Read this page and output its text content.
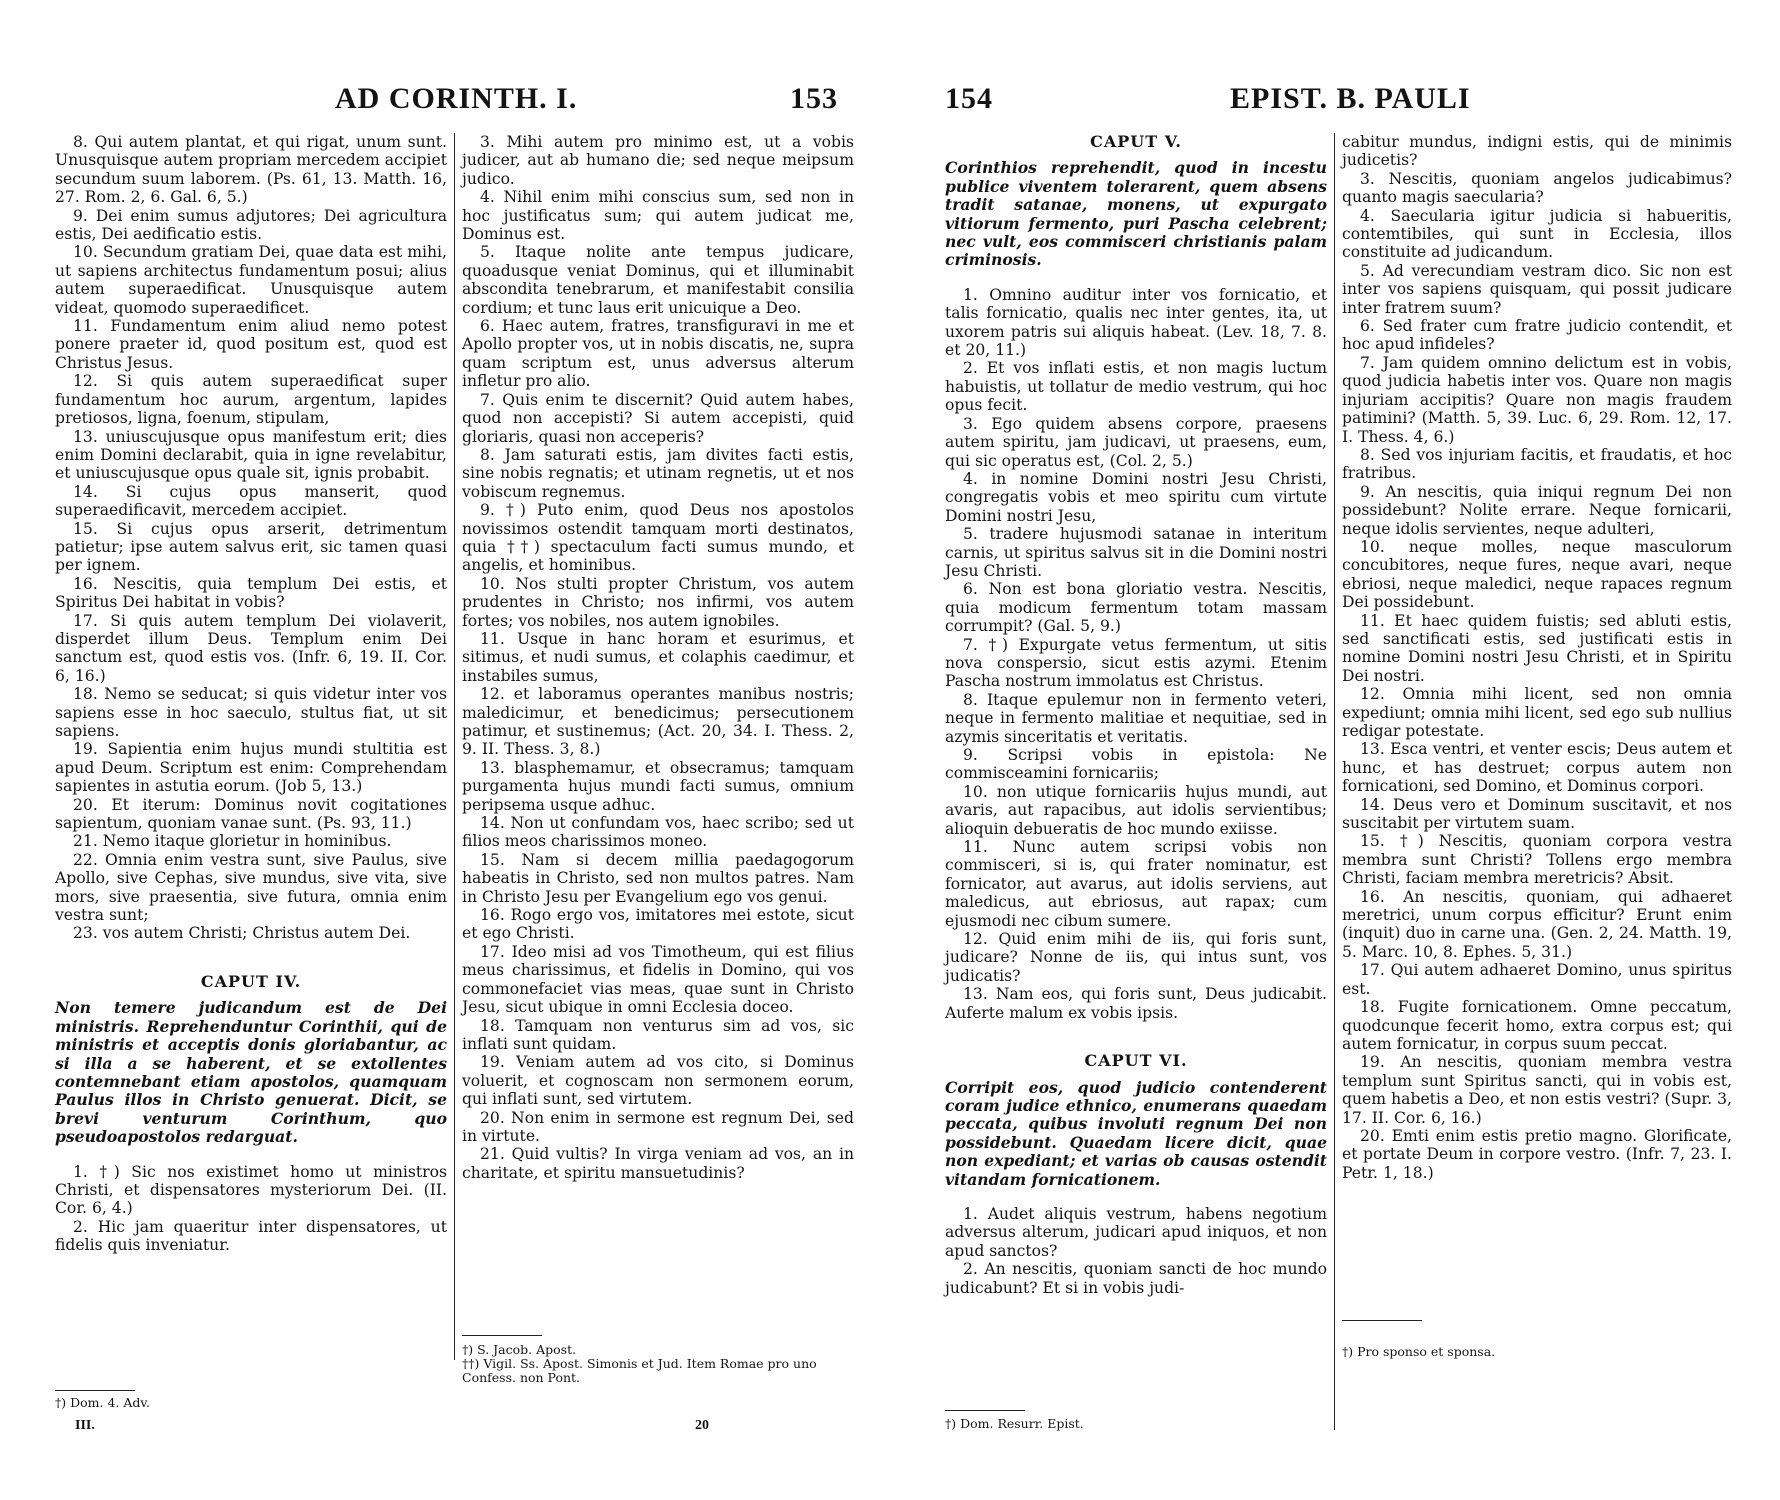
AD CORINTH. I.	153

8. Qui autem plantat, et qui rigat, unum sunt. Unusquisque autem propriam mercedem accipiet secundum suum laborem. (Ps. 61, 13. Matth. 16, 27. Rom. 2, 6. Gal. 6, 5.)

9. Dei enim sumus adjutores; Dei agricultura estis, Dei aedificatio estis.

10. Secundum gratiam Dei, quae data est mihi, ut sapiens architectus fundamentum posui; alius autem superaedificat. Unusquisque autem videat, quomodo superaedificet.

11. Fundamentum enim aliud nemo potest ponere praeter id, quod positum est, quod est Christus Jesus.

12. Si quis autem superaedificat super fundamentum hoc aurum, argentum, lapides pretiosos, ligna, foenum, stipulam,

13. uniuscujusque opus manifestum erit; dies enim Domini declarabit, quia in igne revelabitur, et uniuscujusque opus quale sit, ignis probabit.

14. Si cujus opus manserit, quod superaedificavit, mercedem accipiet.

15. Si cujus opus arserit, detrimentum patietur; ipse autem salvus erit, sic tamen quasi per ignem.

16. Nescitis, quia templum Dei estis, et Spiritus Dei habitat in vobis?

17. Si quis autem templum Dei violaverit, disperdet illum Deus. Templum enim Dei sanctum est, quod estis vos. (Infr. 6, 19. II. Cor. 6, 16.)

18. Nemo se seducat; si quis videtur inter vos sapiens esse in hoc saeculo, stultus fiat, ut sit sapiens.

19. Sapientia enim hujus mundi stultitia est apud Deum. Scriptum est enim: Comprehendam sapientes in astutia eorum. (Job 5, 13.)

20. Et iterum: Dominus novit cogitationes sapientum, quoniam vanae sunt. (Ps. 93, 11.)

21. Nemo itaque glorietur in hominibus.

22. Omnia enim vestra sunt, sive Paulus, sive Apollo, sive Cephas, sive mundus, sive vita, sive mors, sive praesentia, sive futura, omnia enim vestra sunt;

23. vos autem Christi; Christus autem Dei.

CAPUT IV.

Non temere judicandum est de Dei ministris. Reprehenduntur Corinthii, qui de ministris et acceptis donis gloriabantur, ac si illa a se haberent, et se extollentes contemnebant etiam apostolos, quamquam Paulus illos in Christo genuerat. Dicit, se brevi venturum Corinthum, quo pseudoapostolos redarguat.

1. †) Sic nos existimet homo ut ministros Christi, et dispensatores mysteriorum Dei. (II. Cor. 6, 4.)

2. Hic jam quaeritur inter dispensatores, ut fidelis quis inveniatur.

3. Mihi autem pro minimo est, ut a vobis judicer, aut ab humano die; sed neque meipsum judico.

4. Nihil enim mihi conscius sum, sed non in hoc justificatus sum; qui autem judicat me, Dominus est.

5. Itaque nolite ante tempus judicare, quoadusque veniat Dominus, qui et illuminabit abscondita tenebrarum, et manifestabit consilia cordium; et tunc laus erit unicuique a Deo.

6. Haec autem, fratres, transfiguravi in me et Apollo propter vos, ut in nobis discatis, ne, supra quam scriptum est, unus adversus alterum infletur pro alio.

7. Quis enim te discernit? Quid autem habes, quod non accepisti? Si autem accepisti, quid gloriaris, quasi non acceperis?

8. Jam saturati estis, jam divites facti estis, sine nobis regnatis; et utinam regnetis, ut et nos vobiscum regnemus.

9. †) Puto enim, quod Deus nos apostolos novissimos ostendit tamquam morti destinatos, quia ††) spectaculum facti sumus mundo, et angelis, et hominibus.

10. Nos stulti propter Christum, vos autem prudentes in Christo; nos infirmi, vos autem fortes; vos nobiles, nos autem ignobiles.

11. Usque in hanc horam et esurimus, et sitimus, et nudi sumus, et colaphis caedimur, et instabiles sumus,

12. et laboramus operantes manibus nostris; maledicimur, et benedicimus; persecutionem patimur, et sustinemus; (Act. 20, 34. I. Thess. 2, 9. II. Thess. 3, 8.)

13. blasphemamur, et obsecramus; tamquam purgamenta hujus mundi facti sumus, omnium peripsema usque adhuc.

14. Non ut confundam vos, haec scribo; sed ut filios meos charissimos moneo.

15. Nam si decem millia paedagogorum habeatis in Christo, sed non multos patres. Nam in Christo Jesu per Evangelium ego vos genui.

16. Rogo ergo vos, imitatores mei estote, sicut et ego Christi.

17. Ideo misi ad vos Timotheum, qui est filius meus charissimus, et fidelis in Domino, qui vos commonefaciet vias meas, quae sunt in Christo Jesu, sicut ubique in omni Ecclesia doceo.

18. Tamquam non venturus sim ad vos, sic inflati sunt quidam.

19. Veniam autem ad vos cito, si Dominus voluerit, et cognoscam non sermonem eorum, qui inflati sunt, sed virtutem.

20. Non enim in sermone est regnum Dei, sed in virtute.

21. Quid vultis? In virga veniam ad vos, an in charitate, et spiritu mansuetudinis?

†) Dom. 4. Adv.
†) S. Jacob. Apost.
††) Vigil. Ss. Apost. Simonis et Jud. Item Romae pro uno Confess. non Pont.
III.	20
154	EPIST. B. PAULI
CAPUT V.

Corinthios reprehendit, quod in incestu publice viventem tolerarent, quem absens tradit satanae, monens, ut expurgato vitiorum fermento, puri Pascha celebrent; nec vult, eos commisceri christianis palam criminosis.

1. Omnino auditur inter vos fornicatio, et talis fornicatio, qualis nec inter gentes, ita, ut uxorem patris sui aliquis habeat. (Lev. 18, 7. 8. et 20, 11.)

2. Et vos inflati estis, et non magis luctum habuistis, ut tollatur de medio vestrum, qui hoc opus fecit.

3. Ego quidem absens corpore, praesens autem spiritu, jam judicavi, ut praesens, eum, qui sic operatus est, (Col. 2, 5.)

4. in nomine Domini nostri Jesu Christi, congregatis vobis et meo spiritu cum virtute Domini nostri Jesu,

5. tradere hujusmodi satanae in interitum carnis, ut spiritus salvus sit in die Domini nostri Jesu Christi.

6. Non est bona gloriatio vestra. Nescitis, quia modicum fermentum totam massam corrumpit? (Gal. 5, 9.)

7. †) Expurgate vetus fermentum, ut sitis nova conspersio, sicut estis azymi. Etenim Pascha nostrum immolatus est Christus.

8. Itaque epulemur non in fermento veteri, neque in fermento malitiae et nequitiae, sed in azymis sinceritatis et veritatis.

9. Scripsi vobis in epistola: Ne commisceamini fornicariis;

10. non utique fornicariis hujus mundi, aut avaris, aut rapacibus, aut idolis servientibus; alioquin debueratis de hoc mundo exiisse.

11. Nunc autem scripsi vobis non commisceri, si is, qui frater nominatur, est fornicator, aut avarus, aut idolis serviens, aut maledicus, aut ebriosus, aut rapax; cum ejusmodi nec cibum sumere.

12. Quid enim mihi de iis, qui foris sunt, judicare? Nonne de iis, qui intus sunt, vos judicatis?

13. Nam eos, qui foris sunt, Deus judicabit. Auferte malum ex vobis ipsis.

CAPUT VI.

Corripit eos, quod judicio contenderent coram judice ethnico, enumerans quaedam peccata, quibus involuti regnum Dei non possidebunt. Quaedam licere dicit, quae non expediant; et varias ob causas ostendit vitandam fornicationem.

1. Audet aliquis vestrum, habens negotium adversus alterum, judicari apud iniquos, et non apud sanctos?

2. An nescitis, quoniam sancti de hoc mundo judicabunt? Et si in vobis judi-

cabitur mundus, indigni estis, qui de minimis judicetis?

3. Nescitis, quoniam angelos judicabimus? quanto magis saecularia?

4. Saecularia igitur judicia si habueritis, contemtibiles, qui sunt in Ecclesia, illos constituite ad judicandum.

5. Ad verecundiam vestram dico. Sic non est inter vos sapiens quisquam, qui possit judicare inter fratrem suum?

6. Sed frater cum fratre judicio contendit, et hoc apud infideles?

7. Jam quidem omnino delictum est in vobis, quod judicia habetis inter vos. Quare non magis injuriam accipitis? Quare non magis fraudem patimini? (Matth. 5, 39. Luc. 6, 29. Rom. 12, 17. I. Thess. 4, 6.)

8. Sed vos injuriam facitis, et fraudatis, et hoc fratribus.

9. An nescitis, quia iniqui regnum Dei non possidebunt? Nolite errare. Neque fornicarii, neque idolis servientes, neque adulteri,

10. neque molles, neque masculorum concubitores, neque fures, neque avari, neque ebriosi, neque maledici, neque rapaces regnum Dei possidebunt.

11. Et haec quidem fuistis; sed abluti estis, sed sanctificati estis, sed justificati estis in nomine Domini nostri Jesu Christi, et in Spiritu Dei nostri.

12. Omnia mihi licent, sed non omnia expediunt; omnia mihi licent, sed ego sub nullius redigar potestate.

13. Esca ventri, et venter escis; Deus autem et hunc, et has destruet; corpus autem non fornicationi, sed Domino, et Dominus corpori.

14. Deus vero et Dominum suscitavit, et nos suscitabit per virtutem suam.

15. †) Nescitis, quoniam corpora vestra membra sunt Christi? Tollens ergo membra Christi, faciam membra meretricis? Absit.

16. An nescitis, quoniam, qui adhaeret meretrici, unum corpus efficitur? Erunt enim (inquit) duo in carne una. (Gen. 2, 24. Matth. 19, 5. Marc. 10, 8. Ephes. 5, 31.)

17. Qui autem adhaeret Domino, unus spiritus est.

18. Fugite fornicationem. Omne peccatum, quodcunque fecerit homo, extra corpus est; qui autem fornicatur, in corpus suum peccat.

19. An nescitis, quoniam membra vestra templum sunt Spiritus sancti, qui in vobis est, quem habetis a Deo, et non estis vestri? (Supr. 3, 17. II. Cor. 6, 16.)

20. Emti enim estis pretio magno. Glorificate, et portate Deum in corpore vestro. (Infr. 7, 23. I. Petr. 1, 18.)

†) Pro sponso et sponsa.
†) Dom. Resurr. Epist.
